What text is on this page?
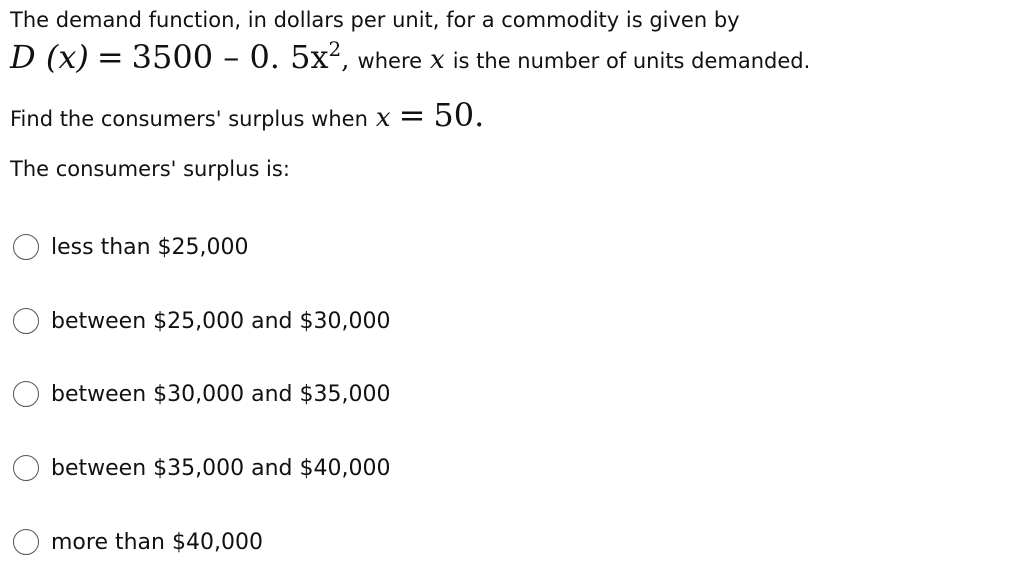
The demand function, in dollars per unit, for a commodity is given by
D (x) = 3500 – 0. $5x^2$, where x is the number of units demanded.
Find the consumers' surplus when x = 50.
The consumers' surplus is:
less than $25,000
between $25,000 and $30,000
between $30,000 and $35,000
between $35,000 and $40,000
more than $40,000
